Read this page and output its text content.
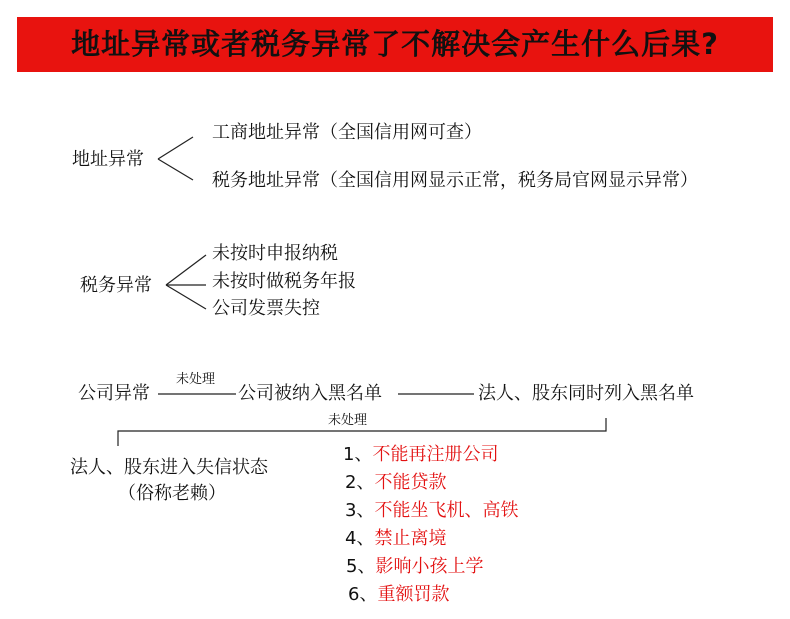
地址异常或者税务异常了不解决会产生什么后果?
地址异常
工商地址异常（全国信用网可查）
税务地址异常（全国信用网显示正常，税务局官网显示异常）
税务异常
未按时申报纳税
未按时做税务年报
公司发票失控
公司异常
未处理
公司被纳入黑名单	法人、股东同时列入黑名单
未处理
法人、股东进入失信状态
（俗称老赖）
1、不能再注册公司
2、不能贷款
3、不能坐飞机、高铁
4、禁止离境
5、影响小孩上学
6、重额罚款
